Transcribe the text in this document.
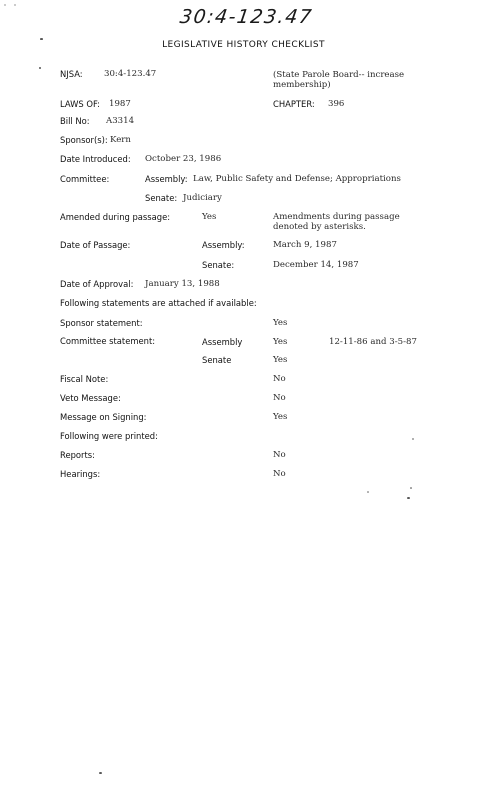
30:4-123.47
LEGISLATIVE HISTORY CHECKLIST
NJSA: 30:4-123.47	(State Parole Board-- increase membership)
LAWS OF: 1987	CHAPTER: 396
Bill No: A3314
Sponsor(s): Kern
Date Introduced: October 23, 1986
Committee:	Assembly: Law, Public Safety and Defense; Appropriations
Senate: Judiciary
Amended during passage:	Yes	Amendments during passage denoted by asterisks.
Date of Passage:	Assembly:	March 9, 1987
Senate:	December 14, 1987
Date of Approval: January 13, 1988
Following statements are attached if available:
Sponsor statement:	Yes
Committee statement:	Assembly	Yes	12-11-86 and 3-5-87
Senate	Yes
Fiscal Note:	No
Veto Message:	No
Message on Signing:	Yes
Following were printed:
Reports:	No
Hearings:	No
